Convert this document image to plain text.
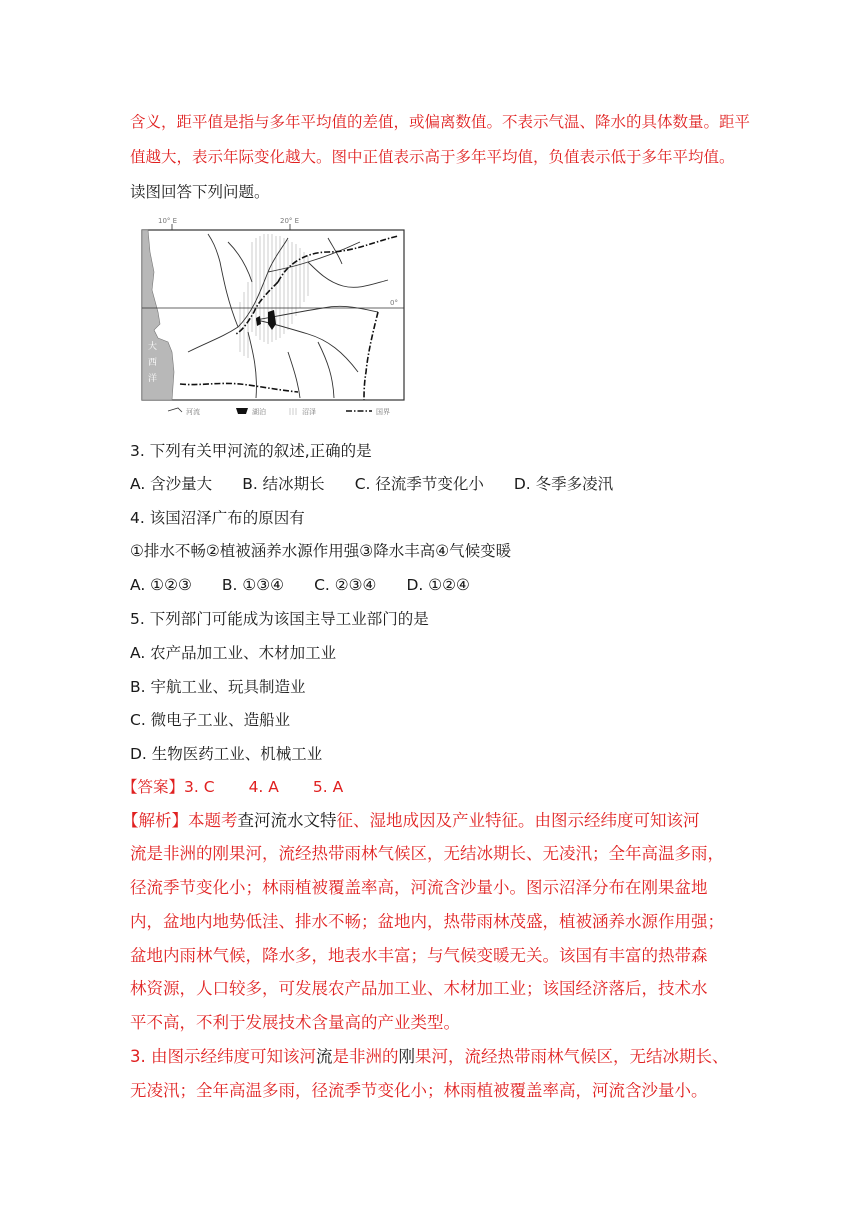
含义，距平值是指与多年平均值的差值，或偏离数值。不表示气温、降水的具体数量。距平
值越大，表示年际变化越大。图中正值表示高于多年平均值，负值表示低于多年平均值。
读图回答下列问题。
10° E	20° E
大
西
洋
0°
河流	湖泊	沼泽	国界
3. 下列有关甲河流的叙述,正确的是
A. 含沙量大 B. 结冰期长 C. 径流季节变化小 D. 冬季多凌汛
4. 该国沼泽广布的原因有
①排水不畅②植被涵养水源作用强③降水丰高④气候变暖
A. ①②③ B. ①③④ C. ②③④ D. ①②④
5. 下列部门可能成为该国主导工业部门的是
A. 农产品加工业、木材加工业
B. 宇航工业、玩具制造业
C. 微电子工业、造船业
D. 生物医药工业、机械工业
【答案】3. C 4. A 5. A
【解析】本题考查河流水文特征、湿地成因及产业特征。由图示经纬度可知该河
流是非洲的刚果河，流经热带雨林气候区，无结冰期长、无凌汛；全年高温多雨，
径流季节变化小；林雨植被覆盖率高，河流含沙量小。图示沼泽分布在刚果盆地
内，盆地内地势低洼、排水不畅；盆地内，热带雨林茂盛，植被涵养水源作用强；
盆地内雨林气候，降水多，地表水丰富；与气候变暖无关。该国有丰富的热带森
林资源，人口较多，可发展农产品加工业、木材加工业；该国经济落后，技术水
平不高，不利于发展技术含量高的产业类型。
3. 由图示经纬度可知该河流是非洲的刚果河，流经热带雨林气候区，无结冰期长、
无凌汛；全年高温多雨，径流季节变化小；林雨植被覆盖率高，河流含沙量小。
